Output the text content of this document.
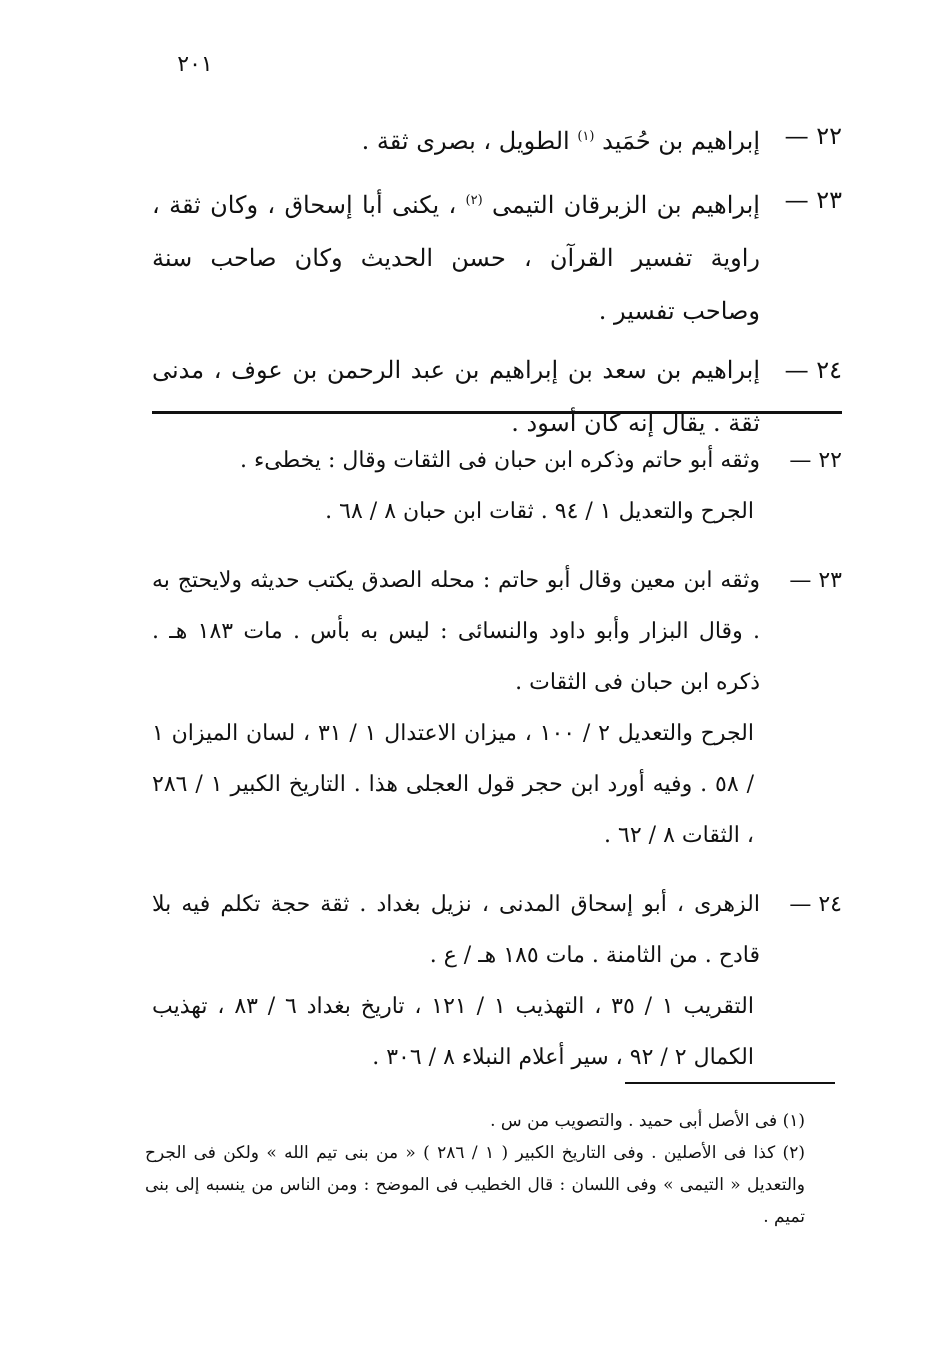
٢٠١
٢٢ —
إبراهيم بن حُمَيد $^{(١)}$ الطويل ، بصرى ثقة .
٢٣ —
إبراهيم بن الزبرقان التيمى $^{(٢)}$ ، يكنى أبا إسحاق ، وكان ثقة ، راوية تفسير القرآن ، حسن الحديث وكان صاحب سنة وصاحب تفسير .
٢٤ —
إبراهيم بن سعد بن إبراهيم بن عبد الرحمن بن عوف ، مدنى ثقة . يقال إنه كان أسود .
٢٢ —
وثقه أبو حاتم وذكره ابن حبان فى الثقات وقال : يخطىء .
الجرح والتعديل ١ / ٩٤ . ثقات ابن حبان ٨ / ٦٨ .
٢٣ —
وثقه ابن معين وقال أبو حاتم : محله الصدق يكتب حديثه ولايحتج به . وقال البزار وأبو داود والنسائى : ليس به بأس . مات ١٨٣ هـ . ذكره ابن حبان فى الثقات .
الجرح والتعديل ٢ / ١٠٠ ، ميزان الاعتدال ١ / ٣١ ، لسان الميزان ١ / ٥٨ . وفيه أورد ابن حجر قول العجلى هذا . التاريخ الكبير ١ / ٢٨٦ ، الثقات ٨ / ٦٢ .
٢٤ —
الزهرى ، أبو إسحاق المدنى ، نزيل بغداد . ثقة حجة تكلم فيه بلا قادح . من الثامنة . مات ١٨٥ هـ / ع .
التقريب ١ / ٣٥ ، التهذيب ١ / ١٢١ ، تاريخ بغداد ٦ / ٨٣ ، تهذيب الكمال ٢ / ٩٢ ، سير أعلام النبلاء ٨ / ٣٠٦ .
(١) فى الأصل أبى حميد . والتصويب من س .
(٢) كذا فى الأصلين . وفى التاريخ الكبير ( ١ / ٢٨٦ ) « من بنى تيم الله » ولكن فى الجرح والتعديل « التيمى » وفى اللسان : قال الخطيب فى الموضح : ومن الناس من ينسبه إلى بنى تميم .
